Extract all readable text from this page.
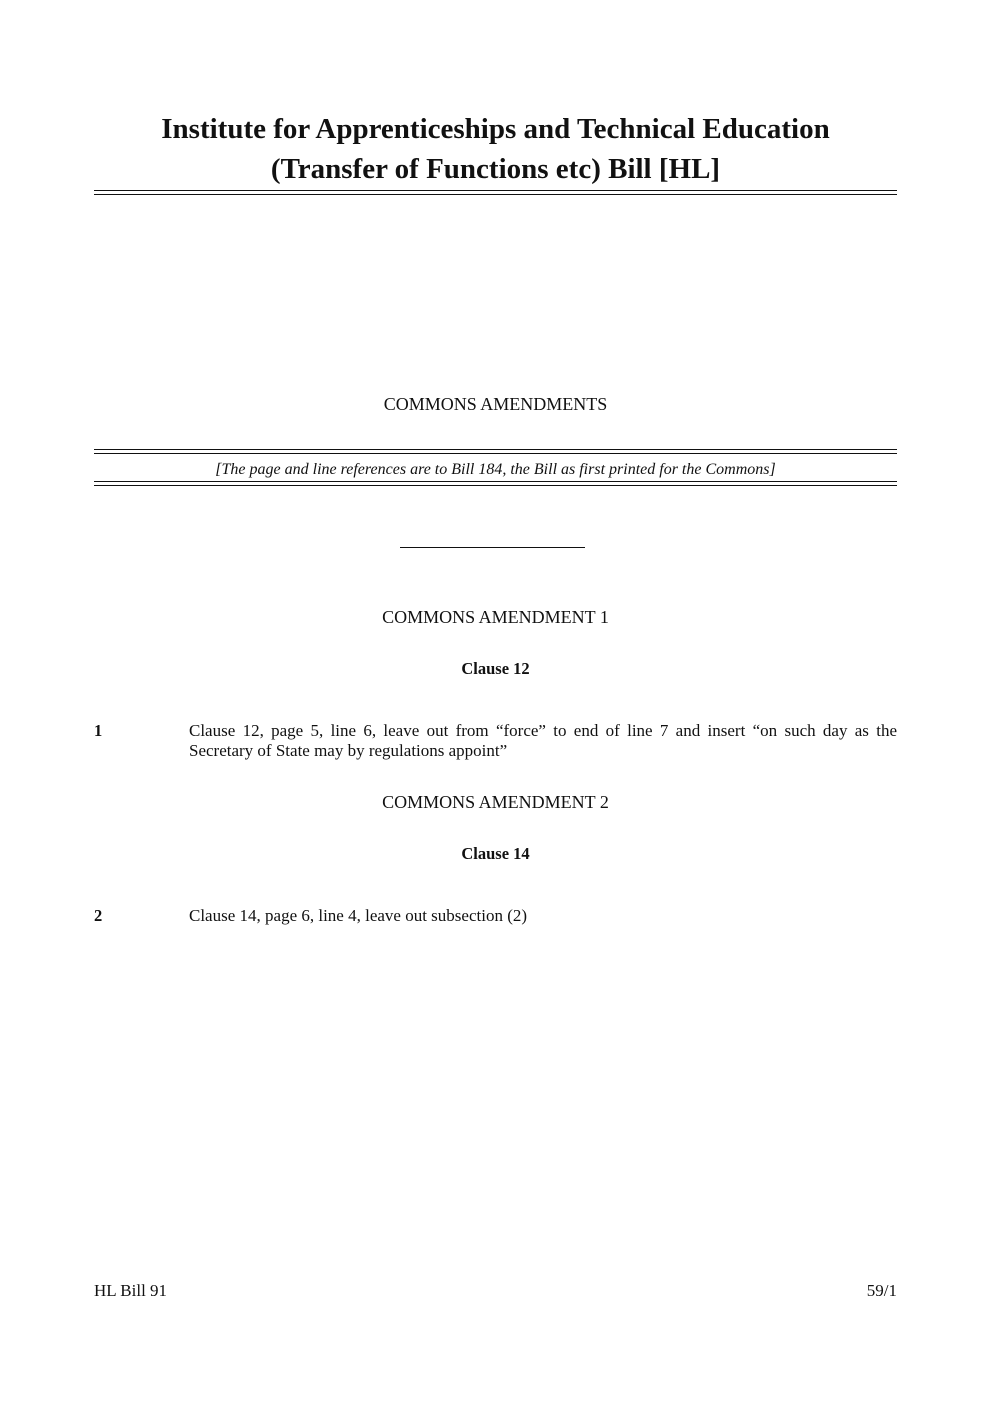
Institute for Apprenticeships and Technical Education
(Transfer of Functions etc) Bill [HL]
COMMONS AMENDMENTS
[The page and line references are to Bill 184, the Bill as first printed for the Commons]
COMMONS AMENDMENT 1
Clause 12
1	Clause 12, page 5, line 6, leave out from “force” to end of line 7 and insert “on such day as the Secretary of State may by regulations appoint”
COMMONS AMENDMENT 2
Clause 14
2	Clause 14, page 6, line 4, leave out subsection (2)
HL Bill 91	59/1
